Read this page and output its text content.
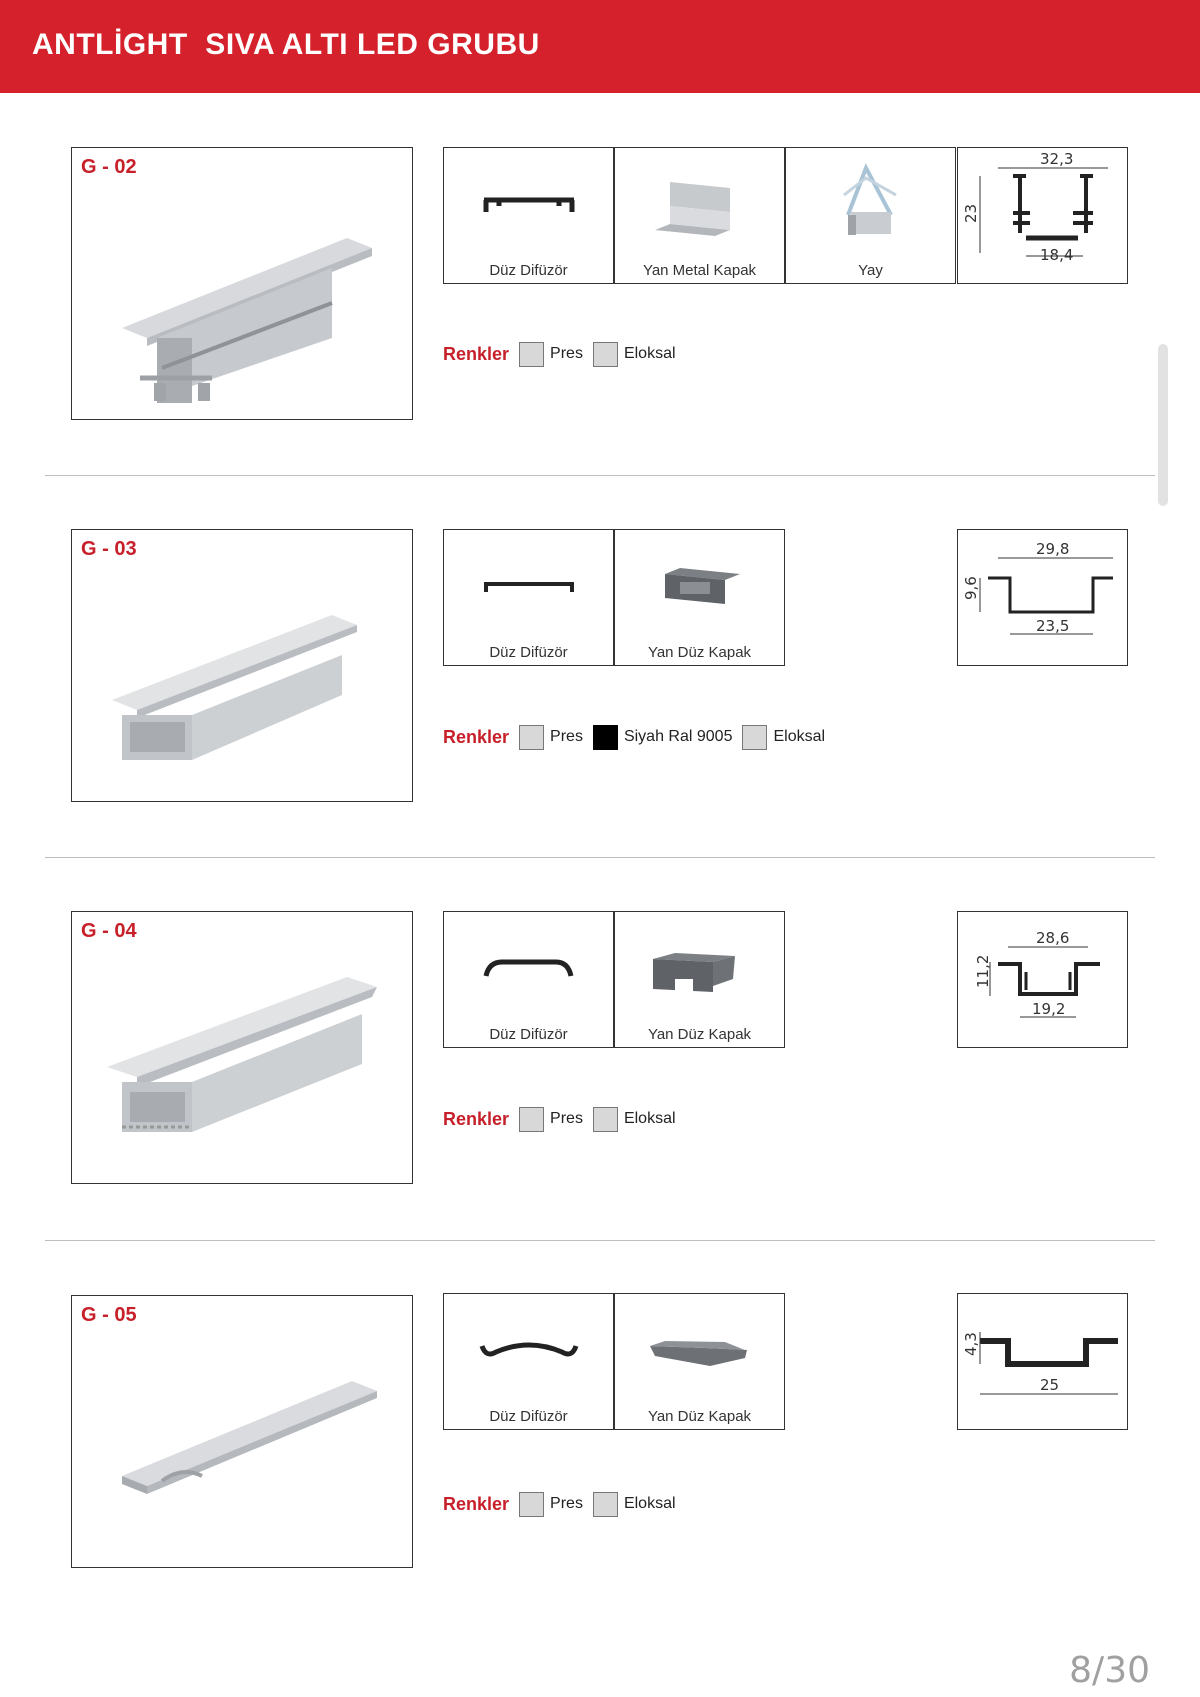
ANTLİGHT  SIVA ALTI LED GRUBU
G - 02
Düz Difüzör	Yan Metal Kapak	Yay
32,3
23
18,4
Renkler	Pres	Eloksal
G - 03
Düz Difüzör	Yan Düz Kapak
29,8
9,6
23,5
Renkler	Pres	Siyah Ral 9005	Eloksal
G - 04
Düz Difüzör	Yan Düz Kapak
28,6
11,2
19,2
Renkler	Pres	Eloksal
G - 05
Düz Difüzör	Yan Düz Kapak
4,3
25
Renkler	Pres	Eloksal
8/30
